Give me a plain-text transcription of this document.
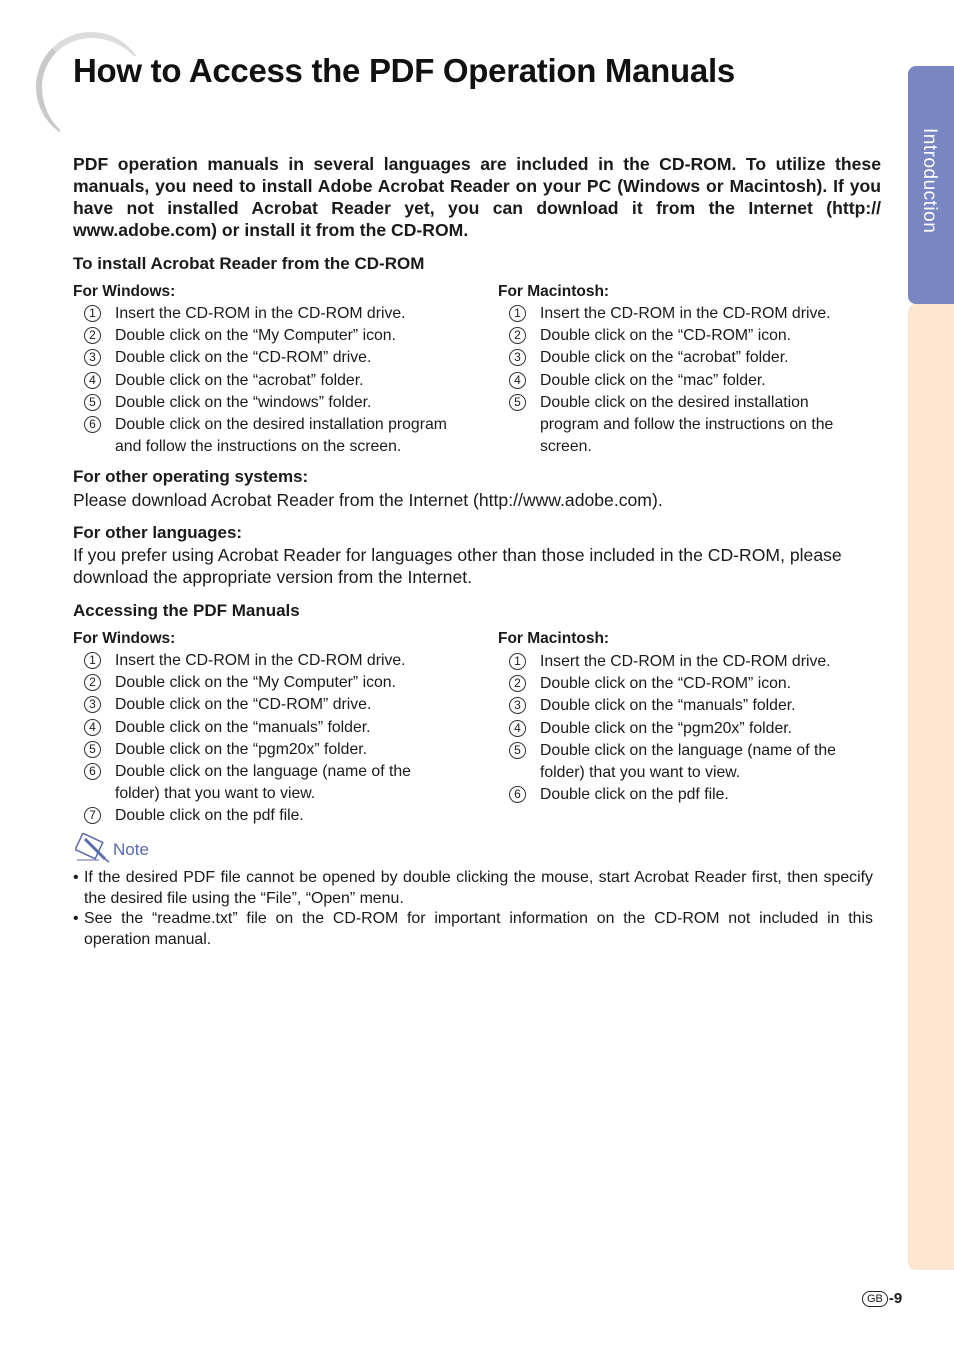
How to Access the PDF Operation Manuals
Introduction

PDF operation manuals in several languages are included in the CD-ROM. To utilize these manuals, you need to install Adobe Acrobat Reader on your PC (Windows or Macintosh). If you have not installed Acrobat Reader yet, you can download it from the Internet (http:// www.adobe.com) or install it from the CD-ROM.

To install Acrobat Reader from the CD-ROM
For Windows:
1	Insert the CD-ROM in the CD-ROM drive.
2	Double click on the “My Computer” icon.
3	Double click on the “CD-ROM” drive.
4	Double click on the “acrobat” folder.
5	Double click on the “windows” folder.
6	Double click on the desired installation program and follow the instructions on the screen.
For Macintosh:
1	Insert the CD-ROM in the CD-ROM drive.
2	Double click on the “CD-ROM” icon.
3	Double click on the “acrobat” folder.
4	Double click on the “mac” folder.
5	Double click on the desired installation program and follow the instructions on the screen.
For other operating systems:

Please download Acrobat Reader from the Internet (http://www.adobe.com).

For other languages:

If you prefer using Acrobat Reader for languages other than those included in the CD-ROM, please download the appropriate version from the Internet.

Accessing the PDF Manuals
For Windows:
1	Insert the CD-ROM in the CD-ROM drive.
2	Double click on the “My Computer” icon.
3	Double click on the “CD-ROM” drive.
4	Double click on the “manuals” folder.
5	Double click on the “pgm20x” folder.
6	Double click on the language (name of the folder) that you want to view.
7	Double click on the pdf file.
For Macintosh:
1	Insert the CD-ROM in the CD-ROM drive.
2	Double click on the “CD-ROM” icon.
3	Double click on the “manuals” folder.
4	Double click on the “pgm20x” folder.
5	Double click on the language (name of the folder) that you want to view.
6	Double click on the pdf file.
Note
• If the desired PDF file cannot be opened by double clicking the mouse, start Acrobat Reader first, then specify the desired file using the “File”, “Open” menu.
• See the “readme.txt” file on the CD-ROM for important information on the CD-ROM not included in this operation manual.
GB -9
